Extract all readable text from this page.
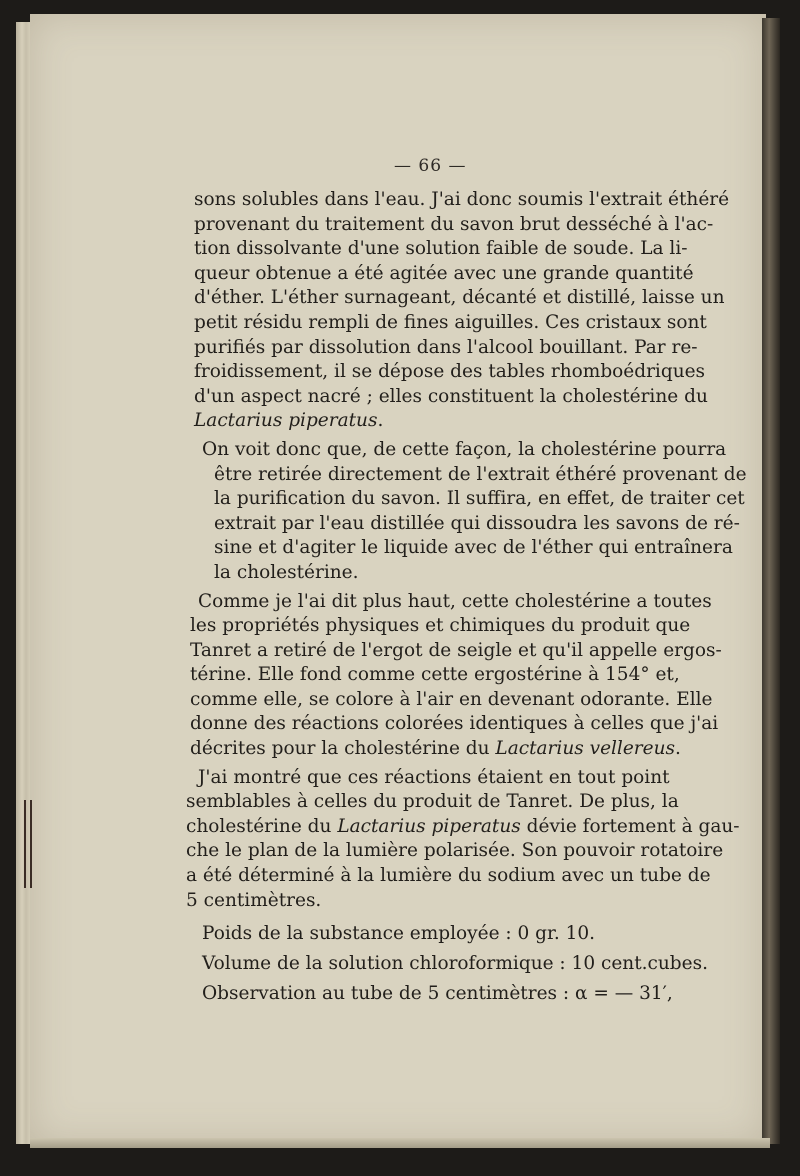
— 66 —

sons solubles dans l'eau. J'ai donc soumis l'extrait éthéré
provenant du traitement du savon brut desséché à l'ac-
tion dissolvante d'une solution faible de soude. La li-
queur obtenue a été agitée avec une grande quantité
d'éther. L'éther surnageant, décanté et distillé, laisse un
petit résidu rempli de fines aiguilles. Ces cristaux sont
purifiés par dissolution dans l'alcool bouillant. Par re-
froidissement, il se dépose des tables rhomboédriques
d'un aspect nacré ; elles constituent la cholestérine du
Lactarius piperatus.

On voit donc que, de cette façon, la cholestérine pourra
être retirée directement de l'extrait éthéré provenant de
la purification du savon. Il suffira, en effet, de traiter cet
extrait par l'eau distillée qui dissoudra les savons de ré-
sine et d'agiter le liquide avec de l'éther qui entraînera
la cholestérine.

Comme je l'ai dit plus haut, cette cholestérine a toutes
les propriétés physiques et chimiques du produit que
Tanret a retiré de l'ergot de seigle et qu'il appelle ergos-
térine. Elle fond comme cette ergostérine à 154° et,
comme elle, se colore à l'air en devenant odorante. Elle
donne des réactions colorées identiques à celles que j'ai
décrites pour la cholestérine du Lactarius vellereus.

J'ai montré que ces réactions étaient en tout point
semblables à celles du produit de Tanret. De plus, la
cholestérine du Lactarius piperatus dévie fortement à gau-
che le plan de la lumière polarisée. Son pouvoir rotatoire
a été déterminé à la lumière du sodium avec un tube de
5 centimètres.

Poids de la substance employée : 0 gr. 10.

Volume de la solution chloroformique : 10 cent.cubes.

Observation au tube de 5 centimètres : α = — 31′,
